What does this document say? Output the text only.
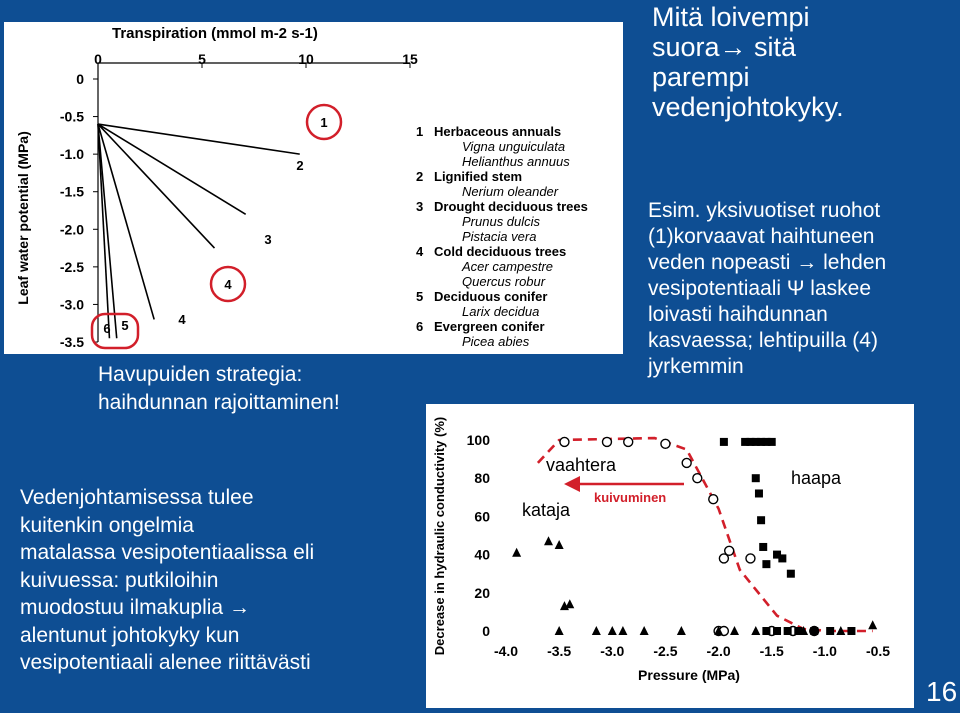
Transpiration (mmol m-2 s-1)
0	5	10	15
0
-0.5
-1.0
-1.5
-2.0
-2.5
-3.0
-3.5
Leaf water potential (MPa)
1
2
3
4
5
6
4
1 Herbaceous annuals
Vigna unguiculata
Helianthus annuus
2 Lignified stem
Nerium oleander
3 Drought deciduous trees
Prunus dulcis
Pistacia vera
4 Cold deciduous trees
Acer campestre
Quercus robur
5 Deciduous conifer
Larix decidua
6 Evergreen conifer
Picea abies
100
80
60
40
20
0
-4.0 -3.5 -3.0 -2.5 -2.0 -1.5 -1.0 -0.5
Pressure (MPa)
Decrease in hydraulic conductivity (%)	vaahtera
kataja
haapa
kuivuminen

Mitä loivempi

suora→ sitä

parempi

vedenjohtokyky.

Esim. yksivuotiset ruohot

(1)korvaavat haihtuneen

veden nopeasti → lehden

vesipotentiaali Ψ laskee

loivasti haihdunnan

kasvaessa; lehtipuilla (4)

jyrkemmin

Havupuiden strategia:

haihdunnan rajoittaminen!

Vedenjohtamisessa tulee

kuitenkin ongelmia

matalassa vesipotentiaalissa eli

kuivuessa: putkiloihin

muodostuu ilmakuplia →

alentunut johtokyky kun

vesipotentiaali alenee riittävästi

16
